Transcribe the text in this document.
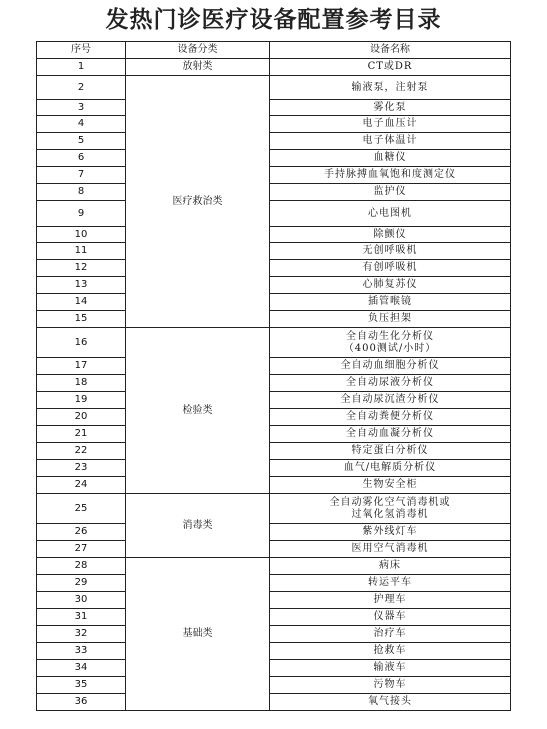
发热门诊医疗设备配置参考目录
序号	设备分类	设备名称
1	放射类	CT或DR

2	医疗救治类	输液泵，注射泵

3		雾化泵

4		电子血压计

5		电子体温计

6		血糖仪

7		手持脉搏血氧饱和度测定仪

8		监护仪

9		心电图机

10		除颤仪

11		无创呼吸机

12		有创呼吸机

13		心肺复苏仪

14		插管喉镜

15		负压担架

16	检验类	全自动生化分析仪
（400测试/小时）

17		全自动血细胞分析仪

18		全自动尿液分析仪

19		全自动尿沉渣分析仪

20		全自动粪便分析仪

21		全自动血凝分析仪

22		特定蛋白分析仪

23		血气/电解质分析仪

24		生物安全柜

25	消毒类	全自动雾化空气消毒机或
过氧化氢消毒机

26		紫外线灯车

27		医用空气消毒机

28	基础类	病床

29		转运平车

30		护理车

31		仪器车

32		治疗车

33		抢救车

34		输液车

35		污物车

36		氧气接头
